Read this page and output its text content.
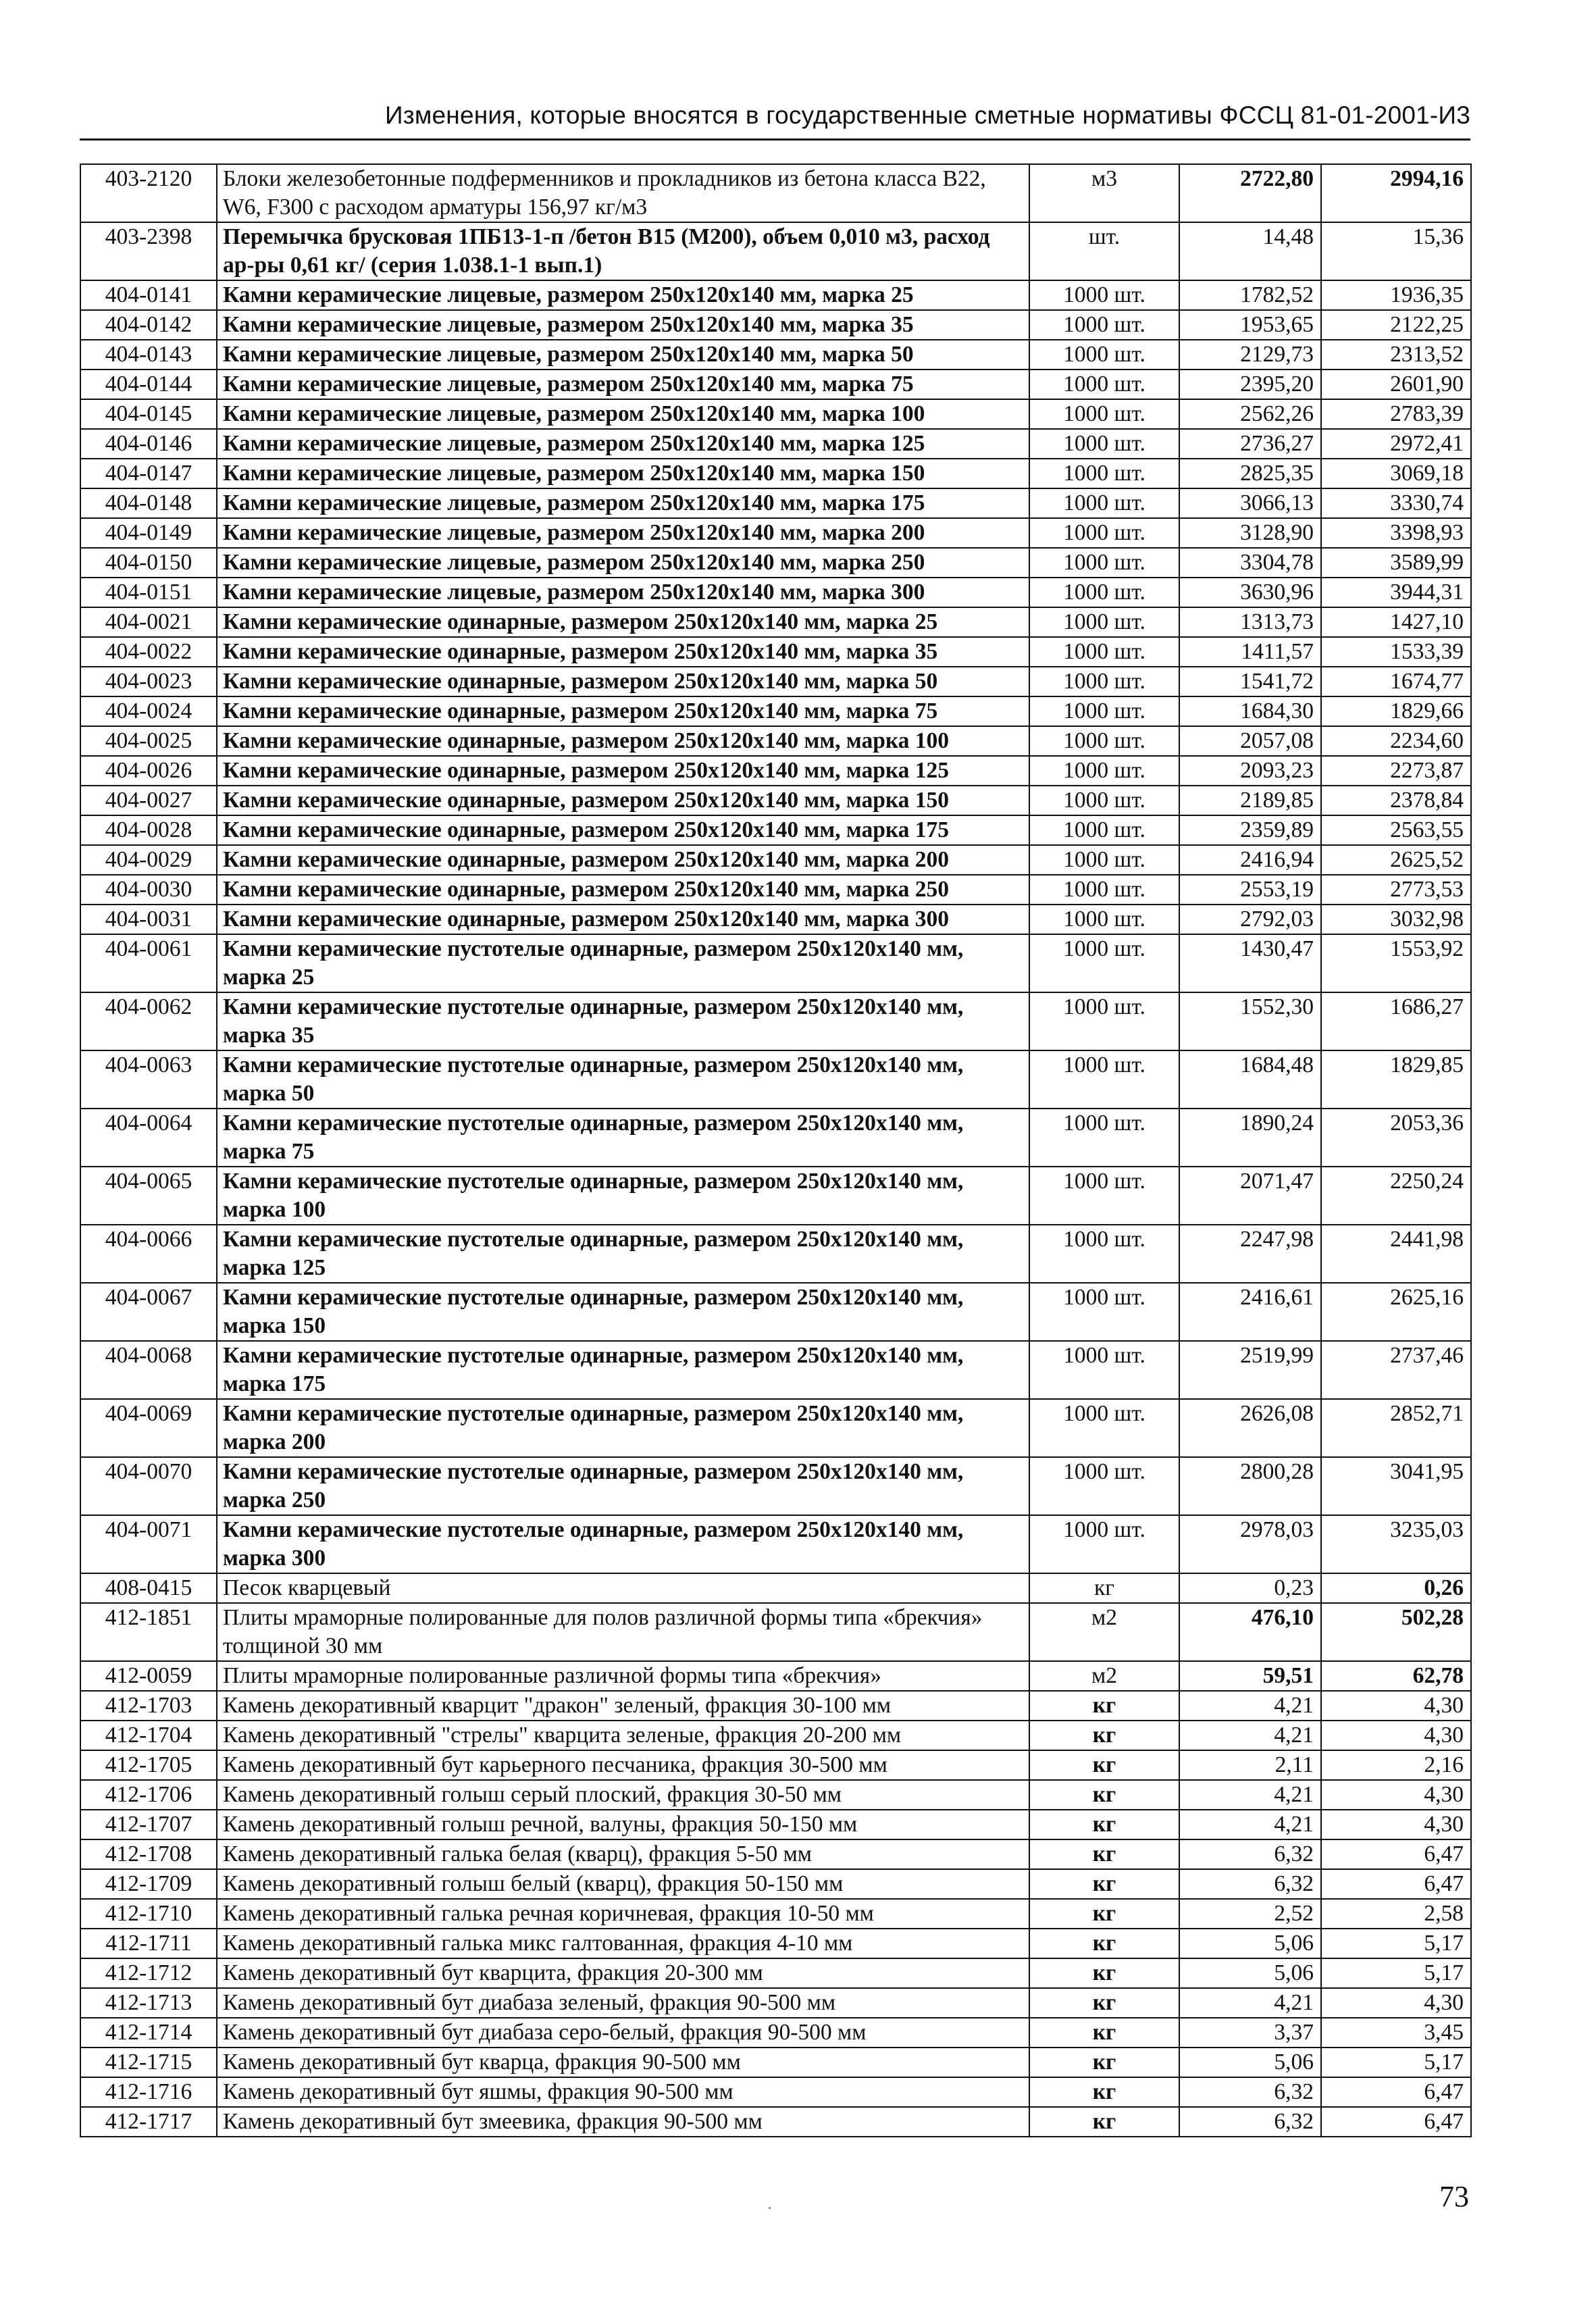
Изменения, которые вносятся в государственные сметные нормативы ФССЦ 81-01-2001-И3
403-2120	Блоки железобетонные подферменников и прокладников из бетона класса B22, W6, F300 с расходом арматуры 156,97 кг/м3	м3	2722,80	2994,16
403-2398	Перемычка брусковая 1ПБ13-1-п /бетон B15 (M200), объем 0,010 м3, расход ар-ры 0,61 кг/ (серия 1.038.1-1 вып.1)	шт.	14,48	15,36
404-0141	Камни керамические лицевые, размером 250x120x140 мм, марка 25	1000 шт.	1782,52	1936,35
404-0142	Камни керамические лицевые, размером 250x120x140 мм, марка 35	1000 шт.	1953,65	2122,25
404-0143	Камни керамические лицевые, размером 250x120x140 мм, марка 50	1000 шт.	2129,73	2313,52
404-0144	Камни керамические лицевые, размером 250x120x140 мм, марка 75	1000 шт.	2395,20	2601,90
404-0145	Камни керамические лицевые, размером 250x120x140 мм, марка 100	1000 шт.	2562,26	2783,39
404-0146	Камни керамические лицевые, размером 250x120x140 мм, марка 125	1000 шт.	2736,27	2972,41
404-0147	Камни керамические лицевые, размером 250x120x140 мм, марка 150	1000 шт.	2825,35	3069,18
404-0148	Камни керамические лицевые, размером 250x120x140 мм, марка 175	1000 шт.	3066,13	3330,74
404-0149	Камни керамические лицевые, размером 250x120x140 мм, марка 200	1000 шт.	3128,90	3398,93
404-0150	Камни керамические лицевые, размером 250x120x140 мм, марка 250	1000 шт.	3304,78	3589,99
404-0151	Камни керамические лицевые, размером 250x120x140 мм, марка 300	1000 шт.	3630,96	3944,31
404-0021	Камни керамические одинарные, размером 250x120x140 мм, марка 25	1000 шт.	1313,73	1427,10
404-0022	Камни керамические одинарные, размером 250x120x140 мм, марка 35	1000 шт.	1411,57	1533,39
404-0023	Камни керамические одинарные, размером 250x120x140 мм, марка 50	1000 шт.	1541,72	1674,77
404-0024	Камни керамические одинарные, размером 250x120x140 мм, марка 75	1000 шт.	1684,30	1829,66
404-0025	Камни керамические одинарные, размером 250x120x140 мм, марка 100	1000 шт.	2057,08	2234,60
404-0026	Камни керамические одинарные, размером 250x120x140 мм, марка 125	1000 шт.	2093,23	2273,87
404-0027	Камни керамические одинарные, размером 250x120x140 мм, марка 150	1000 шт.	2189,85	2378,84
404-0028	Камни керамические одинарные, размером 250x120x140 мм, марка 175	1000 шт.	2359,89	2563,55
404-0029	Камни керамические одинарные, размером 250x120x140 мм, марка 200	1000 шт.	2416,94	2625,52
404-0030	Камни керамические одинарные, размером 250x120x140 мм, марка 250	1000 шт.	2553,19	2773,53
404-0031	Камни керамические одинарные, размером 250x120x140 мм, марка 300	1000 шт.	2792,03	3032,98
404-0061	Камни керамические пустотелые одинарные, размером 250x120x140 мм, марка 25	1000 шт.	1430,47	1553,92
404-0062	Камни керамические пустотелые одинарные, размером 250x120x140 мм, марка 35	1000 шт.	1552,30	1686,27
404-0063	Камни керамические пустотелые одинарные, размером 250x120x140 мм, марка 50	1000 шт.	1684,48	1829,85
404-0064	Камни керамические пустотелые одинарные, размером 250x120x140 мм, марка 75	1000 шт.	1890,24	2053,36
404-0065	Камни керамические пустотелые одинарные, размером 250x120x140 мм, марка 100	1000 шт.	2071,47	2250,24
404-0066	Камни керамические пустотелые одинарные, размером 250x120x140 мм, марка 125	1000 шт.	2247,98	2441,98
404-0067	Камни керамические пустотелые одинарные, размером 250x120x140 мм, марка 150	1000 шт.	2416,61	2625,16
404-0068	Камни керамические пустотелые одинарные, размером 250x120x140 мм, марка 175	1000 шт.	2519,99	2737,46
404-0069	Камни керамические пустотелые одинарные, размером 250x120x140 мм, марка 200	1000 шт.	2626,08	2852,71
404-0070	Камни керамические пустотелые одинарные, размером 250x120x140 мм, марка 250	1000 шт.	2800,28	3041,95
404-0071	Камни керамические пустотелые одинарные, размером 250x120x140 мм, марка 300	1000 шт.	2978,03	3235,03
408-0415	Песок кварцевый	кг	0,23	0,26
412-1851	Плиты мраморные полированные для полов различной формы типа «брекчия» толщиной 30 мм	м2	476,10	502,28
412-0059	Плиты мраморные полированные различной формы типа «брекчия»	м2	59,51	62,78
412-1703	Камень декоративный кварцит "дракон" зеленый, фракция 30-100 мм	кг	4,21	4,30
412-1704	Камень декоративный "стрелы" кварцита зеленые, фракция 20-200 мм	кг	4,21	4,30
412-1705	Камень декоративный бут карьерного песчаника, фракция 30-500 мм	кг	2,11	2,16
412-1706	Камень декоративный голыш серый плоский, фракция 30-50 мм	кг	4,21	4,30
412-1707	Камень декоративный голыш речной, валуны, фракция 50-150 мм	кг	4,21	4,30
412-1708	Камень декоративный галька белая (кварц), фракция 5-50 мм	кг	6,32	6,47
412-1709	Камень декоративный голыш белый (кварц), фракция 50-150 мм	кг	6,32	6,47
412-1710	Камень декоративный галька речная коричневая, фракция 10-50 мм	кг	2,52	2,58
412-1711	Камень декоративный галька микс галтованная, фракция 4-10 мм	кг	5,06	5,17
412-1712	Камень декоративный бут кварцита, фракция 20-300 мм	кг	5,06	5,17
412-1713	Камень декоративный бут диабаза зеленый, фракция 90-500 мм	кг	4,21	4,30
412-1714	Камень декоративный бут диабаза серо-белый, фракция 90-500 мм	кг	3,37	3,45
412-1715	Камень декоративный бут кварца, фракция 90-500 мм	кг	5,06	5,17
412-1716	Камень декоративный бут яшмы, фракция 90-500 мм	кг	6,32	6,47
412-1717	Камень декоративный бут змеевика, фракция 90-500 мм	кг	6,32	6,47
73
